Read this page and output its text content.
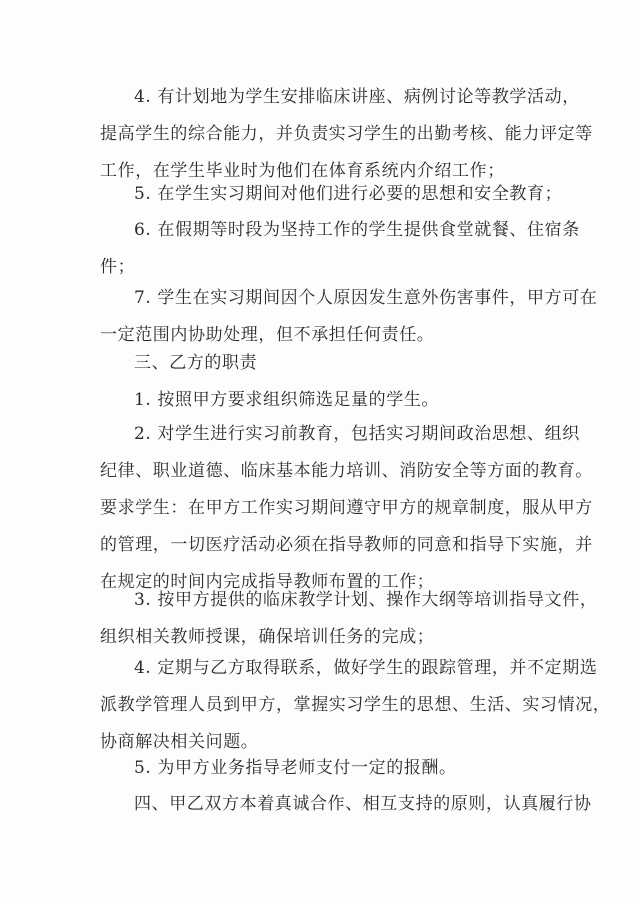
4. 有计划地为学生安排临床讲座、病例讨论等教学活动，
提高学生的综合能力，并负责实习学生的出勤考核、能力评定等
工作，在学生毕业时为他们在体育系统内介绍工作；
5. 在学生实习期间对他们进行必要的思想和安全教育；
6. 在假期等时段为坚持工作的学生提供食堂就餐、住宿条
件；
7. 学生在实习期间因个人原因发生意外伤害事件，甲方可在
一定范围内协助处理，但不承担任何责任。
三、乙方的职责
1. 按照甲方要求组织筛选足量的学生。
2. 对学生进行实习前教育，包括实习期间政治思想、组织
纪律、职业道德、临床基本能力培训、消防安全等方面的教育。
要求学生：在甲方工作实习期间遵守甲方的规章制度，服从甲方
的管理，一切医疗活动必须在指导教师的同意和指导下实施，并
在规定的时间内完成指导教师布置的工作；
3. 按甲方提供的临床教学计划、操作大纲等培训指导文件，
组织相关教师授课，确保培训任务的完成；
4. 定期与乙方取得联系，做好学生的跟踪管理，并不定期选
派教学管理人员到甲方，掌握实习学生的思想、生活、实习情况，
协商解决相关问题。
5. 为甲方业务指导老师支付一定的报酬。
四、甲乙双方本着真诚合作、相互支持的原则，认真履行协
